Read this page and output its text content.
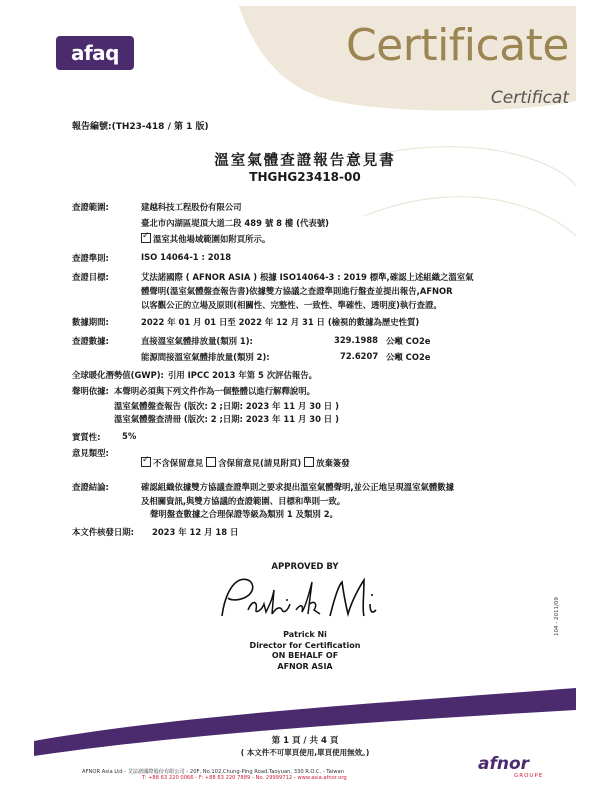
afaq	Certificate
Certificat
報告編號:(TH23-418 / 第 1 版)
溫室氣體查證報告意見書
THGHG23418-00
查證範圍:	建越科技工程股份有限公司
臺北市內湖區堤頂大道二段 489 號 8 樓 (代表號)
✓溫室其他場域範圍如附頁所示。
查證準則:	ISO 14064-1 : 2018
查證目標:	艾法諾國際 ( AFNOR ASIA ) 根據 ISO14064-3 : 2019 標準,確認上述組織之溫室氣
體聲明(溫室氣體盤查報告書)依據雙方協議之查證準則進行盤查並提出報告,AFNOR
以客觀公正的立場及原則(相關性、完整性、一致性、準確性、透明度)執行查證。
數據期間:	2022 年 01 月 01 日至 2022 年 12 月 31 日 (檢視的數據為歷史性質)
查證數據:	直接溫室氣體排放量(類別 1):	329.1988 公噸 CO2e
能源間接溫室氣體排放量(類別 2):	72.6207 公噸 CO2e
全球暖化潛勢值(GWP): 引用 IPCC 2013 年第 5 次評估報告。
聲明依據: 本聲明必須與下列文件作為一個整體以進行解釋說明。
溫室氣體盤查報告 (版次: 2 ;日期: 2023 年 11 月 30 日 )
溫室氣體盤查清冊 (版次: 2 ;日期: 2023 年 11 月 30 日 )
實質性:	5%
意見類型:
✓不含保留意見 含保留意見(請見附頁) 放棄簽發
查證結論:	確認組織依據雙方協議查證準則之要求提出溫室氣體聲明,並公正地呈現溫室氣體數據
及相關資訊,與雙方協議的查證範圍、目標和準則一致。
聲明盤查數據之合理保證等級為類別 1 及類別 2。
本文件核發日期: 2023 年 12 月 18 日
APPROVED BY
Patrick Ni
Director for Certification
ON BEHALF OF
AFNOR ASIA
104 - 2011/09
第 1 頁 / 共 4 頁
( 本文件不可單頁使用,單頁使用無效。)
AFNOR Asia Ltd - 艾法諾國際股份有限公司 - 20F, No.102,Chung-Ping Road,Taoyuan, 330 R.O.C. - Taiwan
T: +88 63 220 0066 - F: +88 63 220 7889 - No. 29999712 - www.asia.afnor.org
afnor
GROUPE
